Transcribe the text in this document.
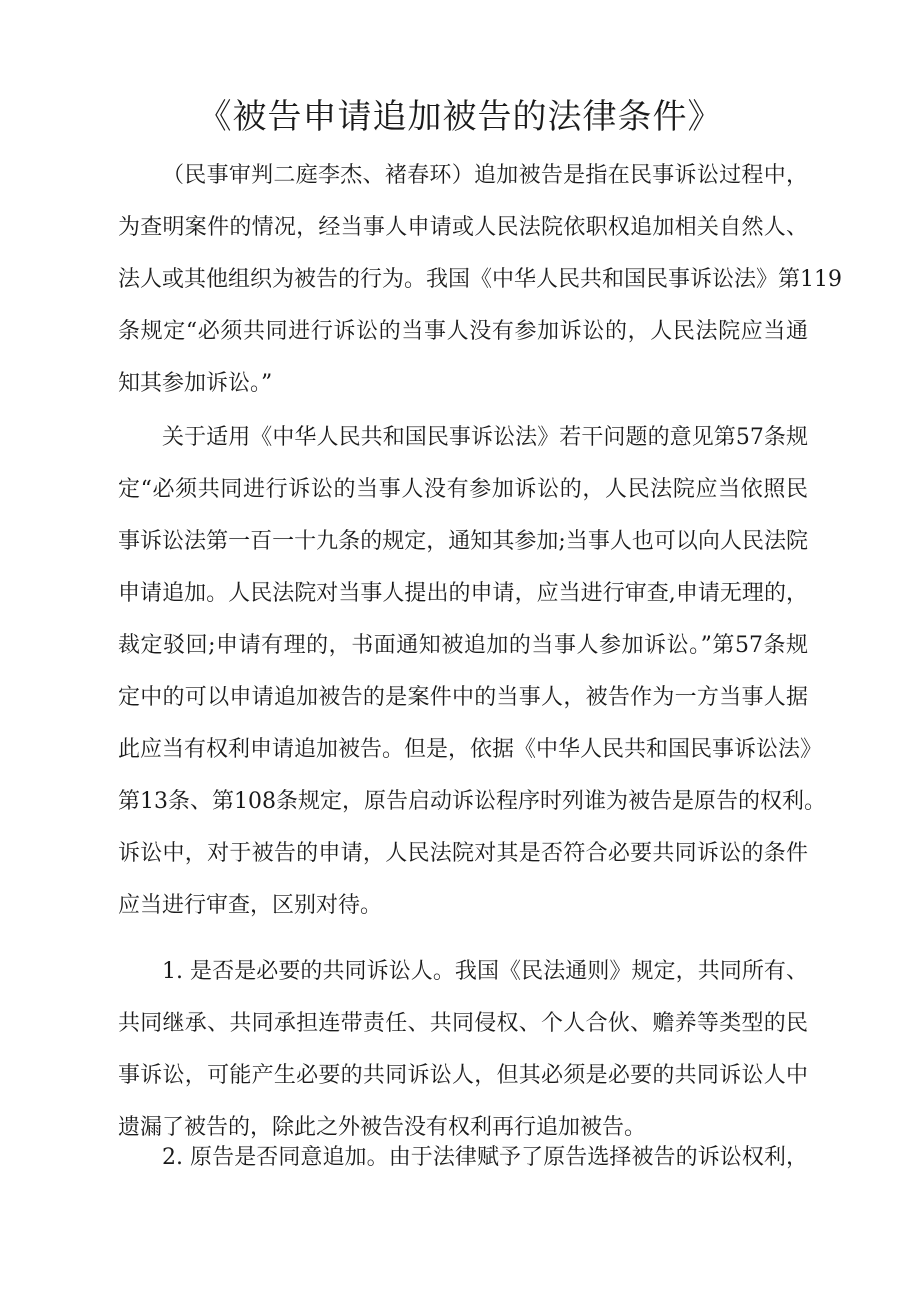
《被告申请追加被告的法律条件》
（民事审判二庭李杰、褚春环）追加被告是指在民事诉讼过程中，
为查明案件的情况，经当事人申请或人民法院依职权追加相关自然人、
法人或其他组织为被告的行为。我国《中华人民共和国民事诉讼法》第119
条规定“必须共同进行诉讼的当事人没有参加诉讼的，人民法院应当通
知其参加诉讼。”
关于适用《中华人民共和国民事诉讼法》若干问题的意见第57条规
定“必须共同进行诉讼的当事人没有参加诉讼的，人民法院应当依照民
事诉讼法第一百一十九条的规定，通知其参加;当事人也可以向人民法院
申请追加。人民法院对当事人提出的申请，应当进行审查,申请无理的，
裁定驳回;申请有理的，书面通知被追加的当事人参加诉讼。”第57条规
定中的可以申请追加被告的是案件中的当事人，被告作为一方当事人据
此应当有权利申请追加被告。但是，依据《中华人民共和国民事诉讼法》
第13条、第108条规定，原告启动诉讼程序时列谁为被告是原告的权利。
诉讼中，对于被告的申请，人民法院对其是否符合必要共同诉讼的条件
应当进行审查，区别对待。
1. 是否是必要的共同诉讼人。我国《民法通则》规定，共同所有、
共同继承、共同承担连带责任、共同侵权、个人合伙、赡养等类型的民
事诉讼，可能产生必要的共同诉讼人，但其必须是必要的共同诉讼人中
遗漏了被告的，除此之外被告没有权利再行追加被告。
2. 原告是否同意追加。由于法律赋予了原告选择被告的诉讼权利，
